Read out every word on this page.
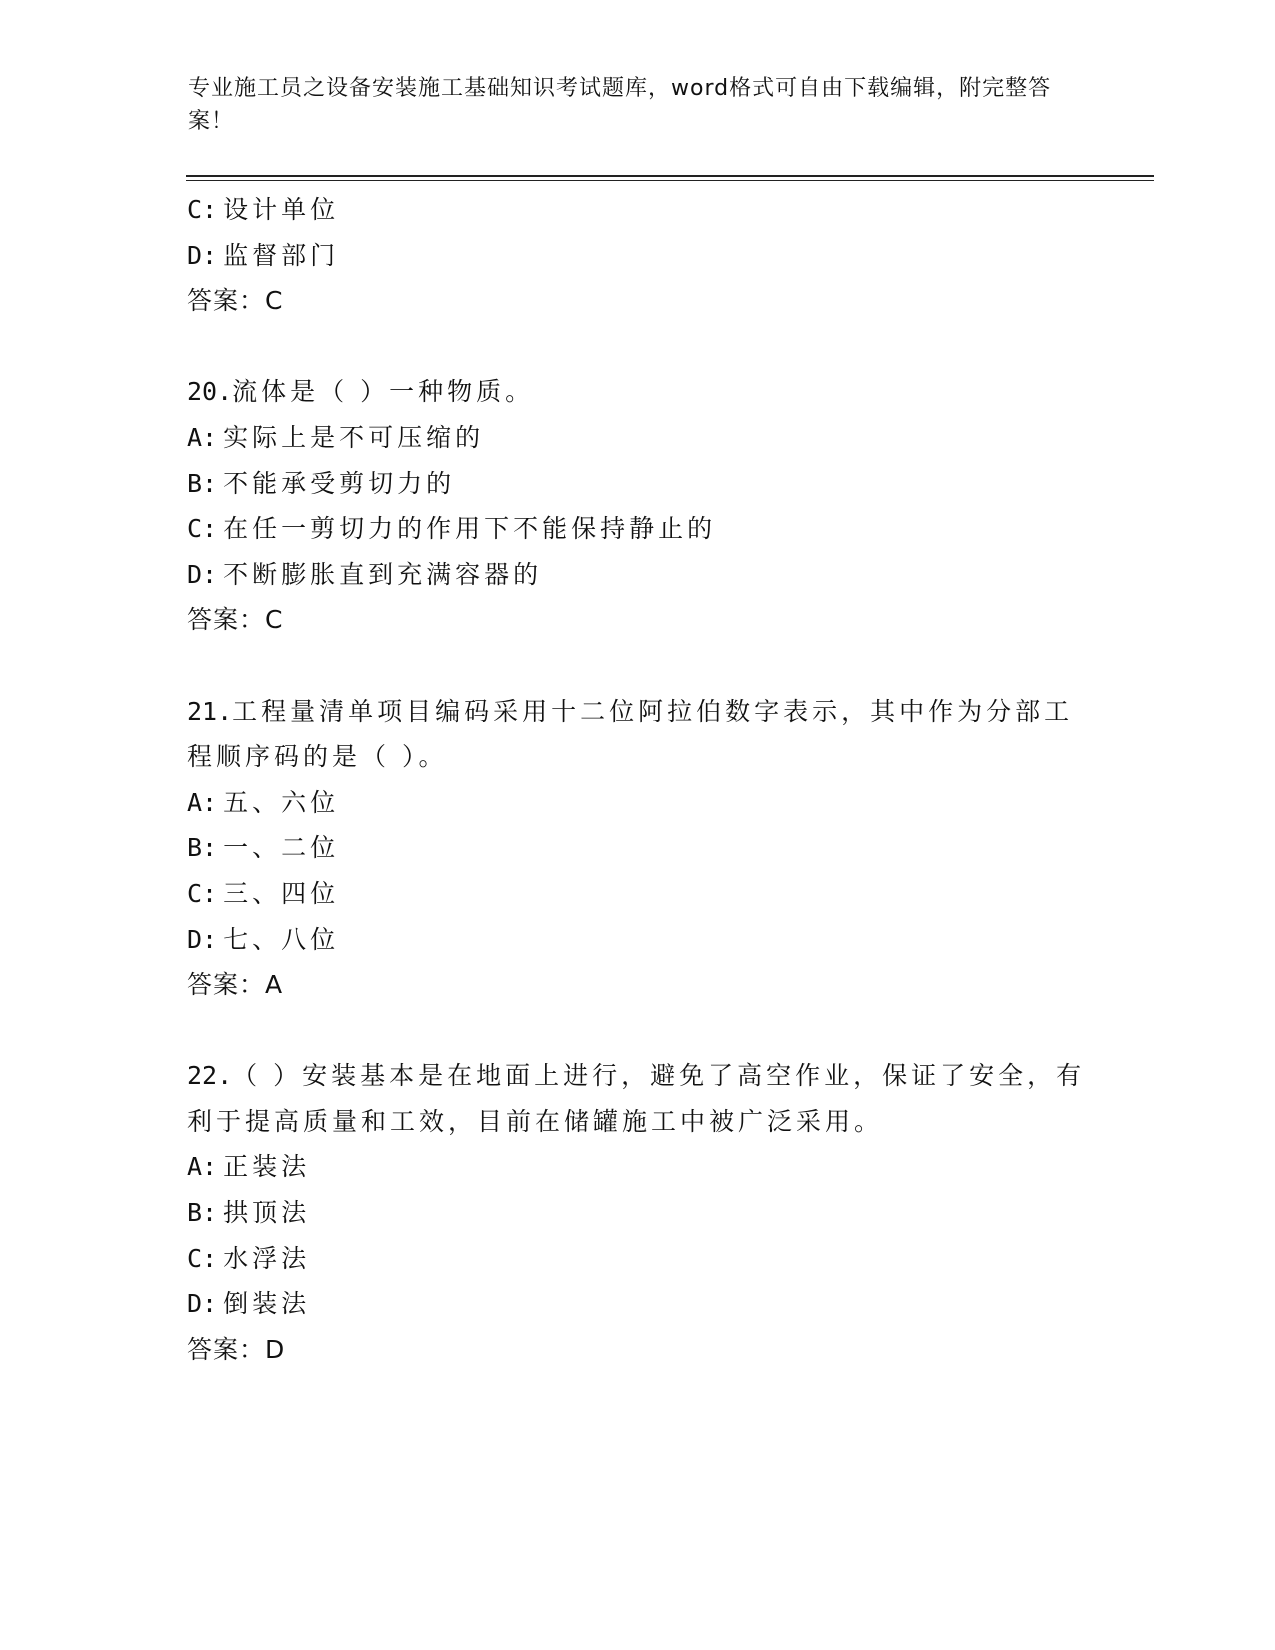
专业施工员之设备安装施工基础知识考试题库，word格式可自由下载编辑，附完整答案！
C: 设计单位
D: 监督部门
答案：C
20.流体是（ ）一种物质。
A: 实际上是不可压缩的
B: 不能承受剪切力的
C: 在任一剪切力的作用下不能保持静止的
D: 不断膨胀直到充满容器的
答案：C
21.工程量清单项目编码采用十二位阿拉伯数字表示，其中作为分部工程顺序码的是（ ）。
A: 五、六位
B: 一、二位
C: 三、四位
D: 七、八位
答案：A
22.（ ）安装基本是在地面上进行，避免了高空作业，保证了安全，有利于提高质量和工效，目前在储罐施工中被广泛采用。
A: 正装法
B: 拱顶法
C: 水浮法
D: 倒装法
答案：D
